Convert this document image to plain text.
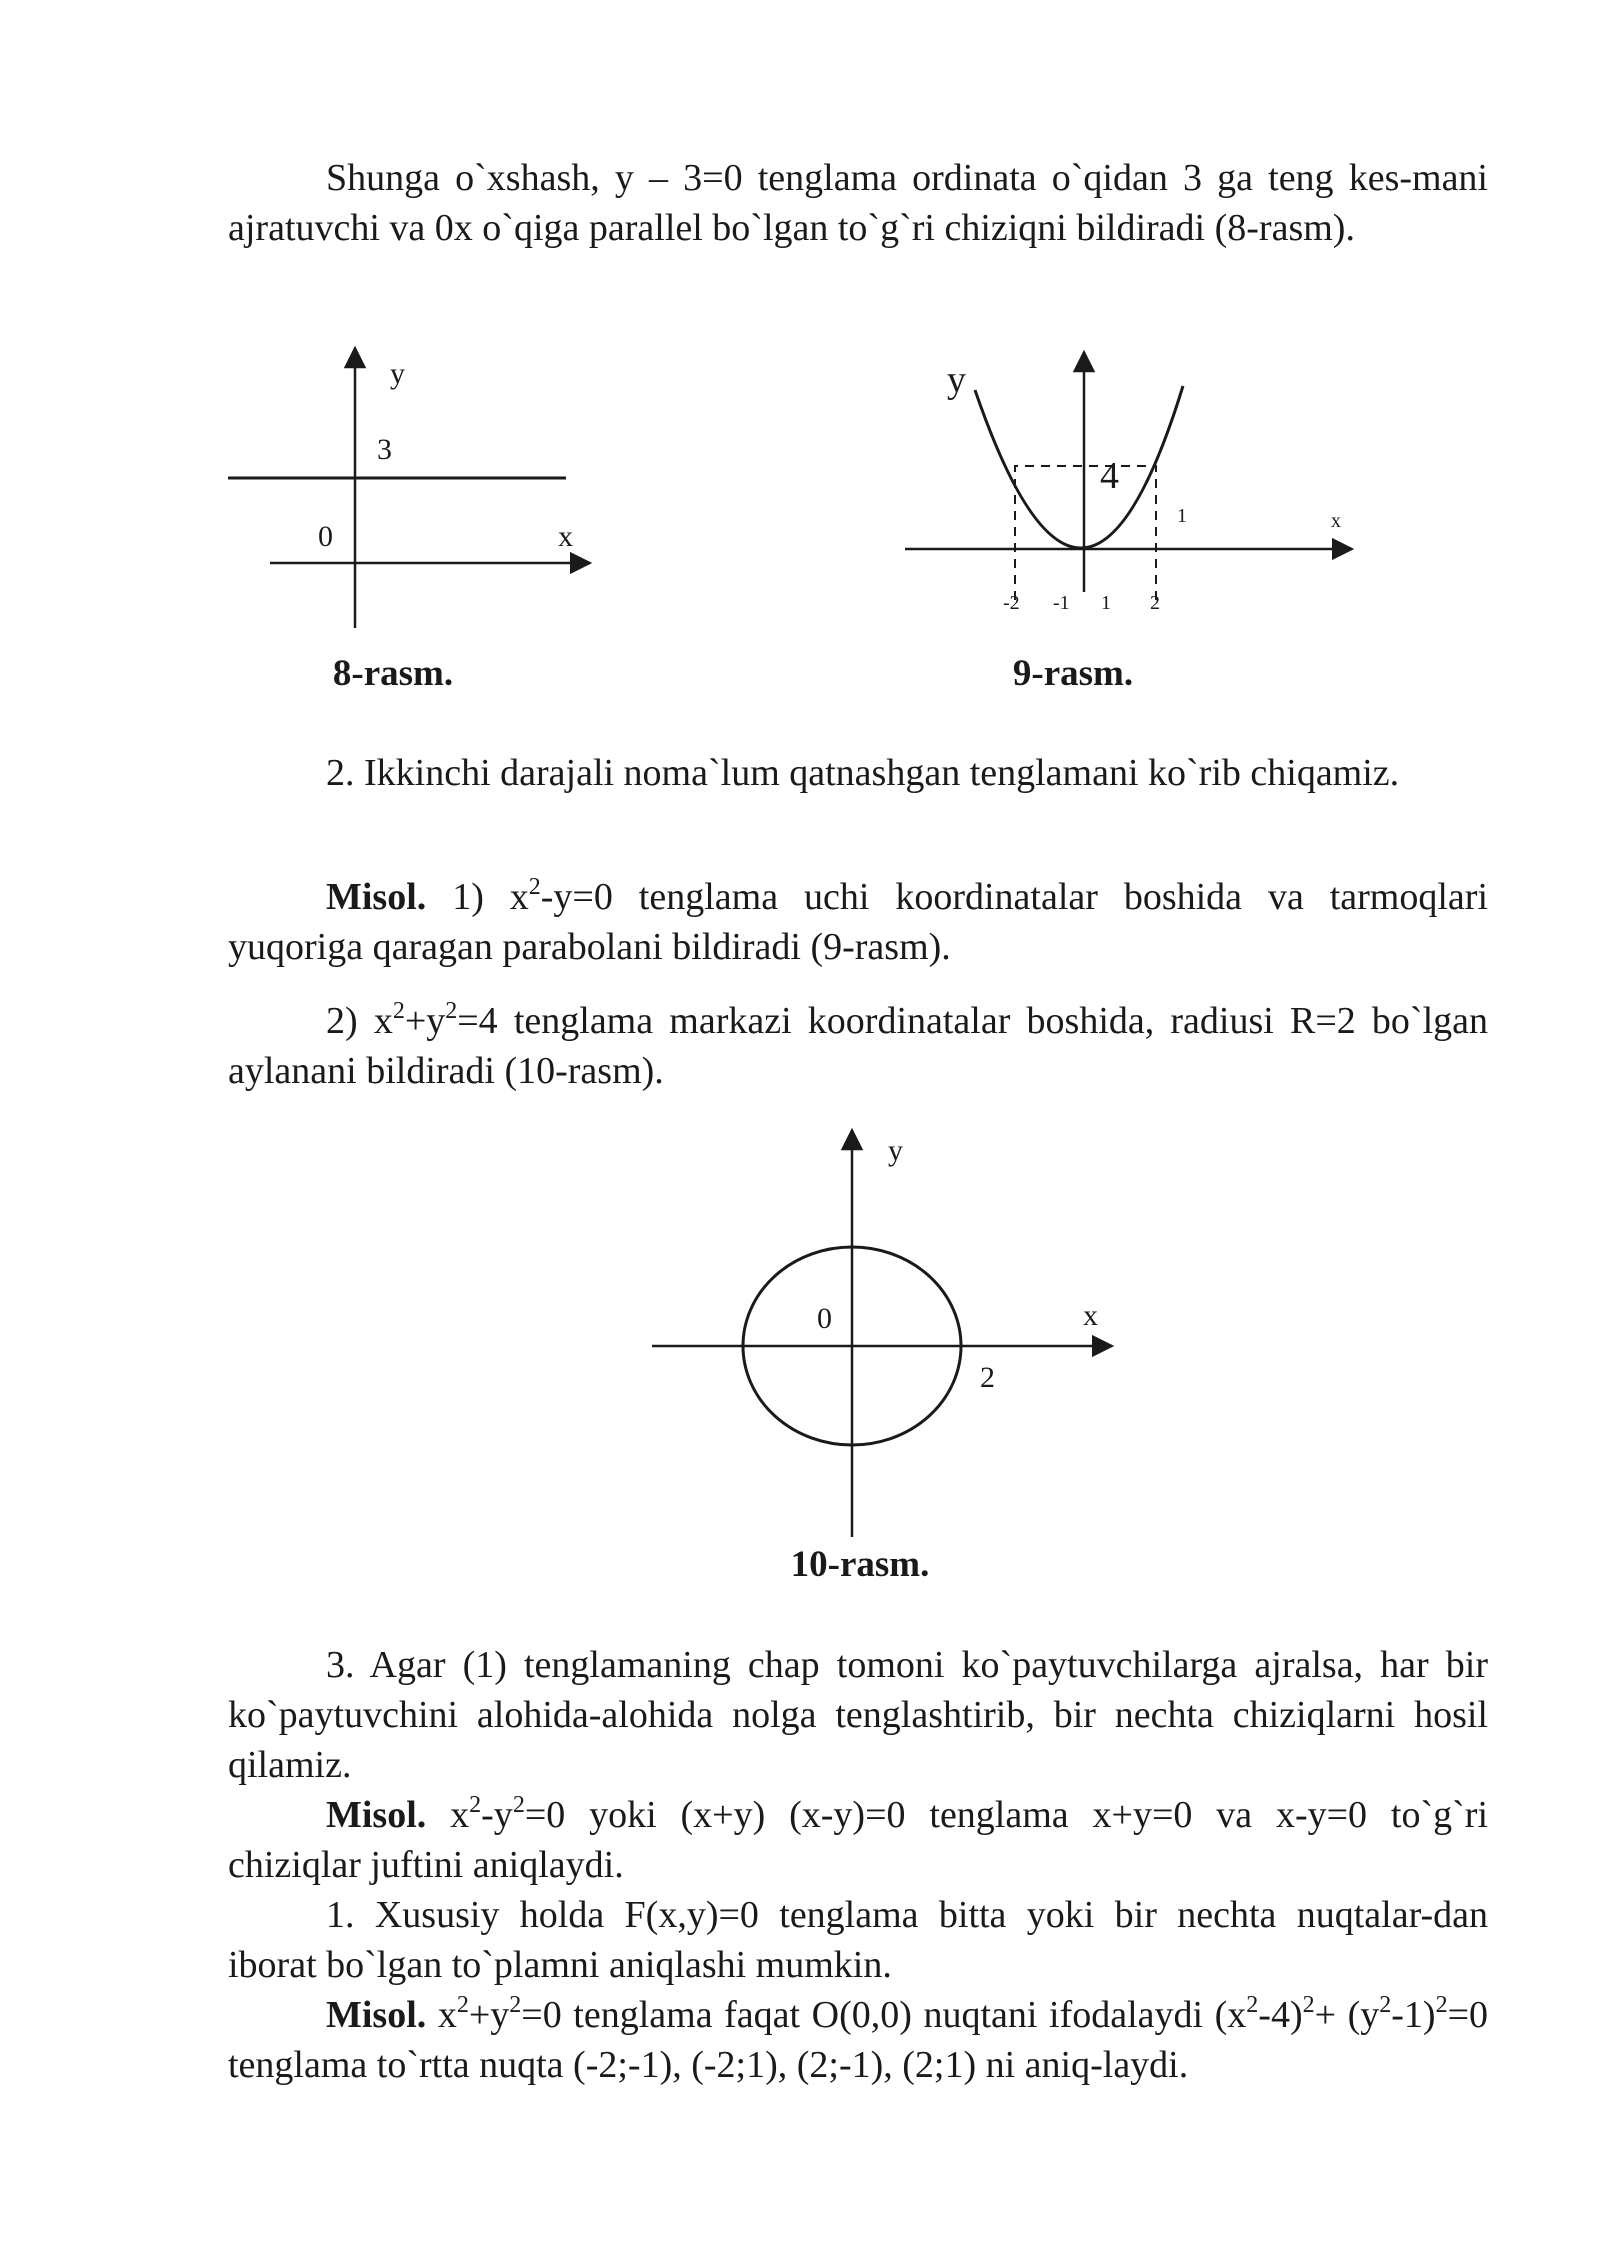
Shunga o`xshash, y – 3=0 tenglama ordinata o`qidan 3 ga teng kes-mani ajratuvchi va 0x o`qiga parallel bo`lgan to`g`ri chiziqni bildiradi (8-rasm).

y
3
0	x
y
4
1	x
-2 -1 1 2
y
0	x
2
8-rasm.	9-rasm.
10-rasm.

2. Ikkinchi darajali noma`lum qatnashgan tenglamani ko`rib chiqamiz.

Misol. 1) $x^2-y=0$ tenglama uchi koordinatalar boshida va tarmoqlari yuqoriga qaragan parabolani bildiradi (9-rasm).

2) $x^2+y^2=4$ tenglama markazi koordinatalar boshida, radiusi R=2 bo`lgan aylanani bildiradi (10-rasm).

3. Agar (1) tenglamaning chap tomoni ko`paytuvchilarga ajralsa, har bir ko`paytuvchini alohida-alohida nolga tenglashtirib, bir nechta chiziqlarni hosil qilamiz.

Misol. $x^2-y^2=0$ yoki (x+y) (x-y)=0 tenglama x+y=0 va x-y=0 to`g`ri chiziqlar juftini aniqlaydi.

1. Xususiy holda F(x,y)=0 tenglama bitta yoki bir nechta nuqtalar-dan iborat bo`lgan to`plamni aniqlashi mumkin.

Misol. $x^2+y^2=0$ tenglama faqat O(0,0) nuqtani ifodalaydi $(x^2-4)^2+ (y^2-1)^2=0$ tenglama to`rtta nuqta (-2;-1), (-2;1), (2;-1), (2;1) ni aniq-laydi.
